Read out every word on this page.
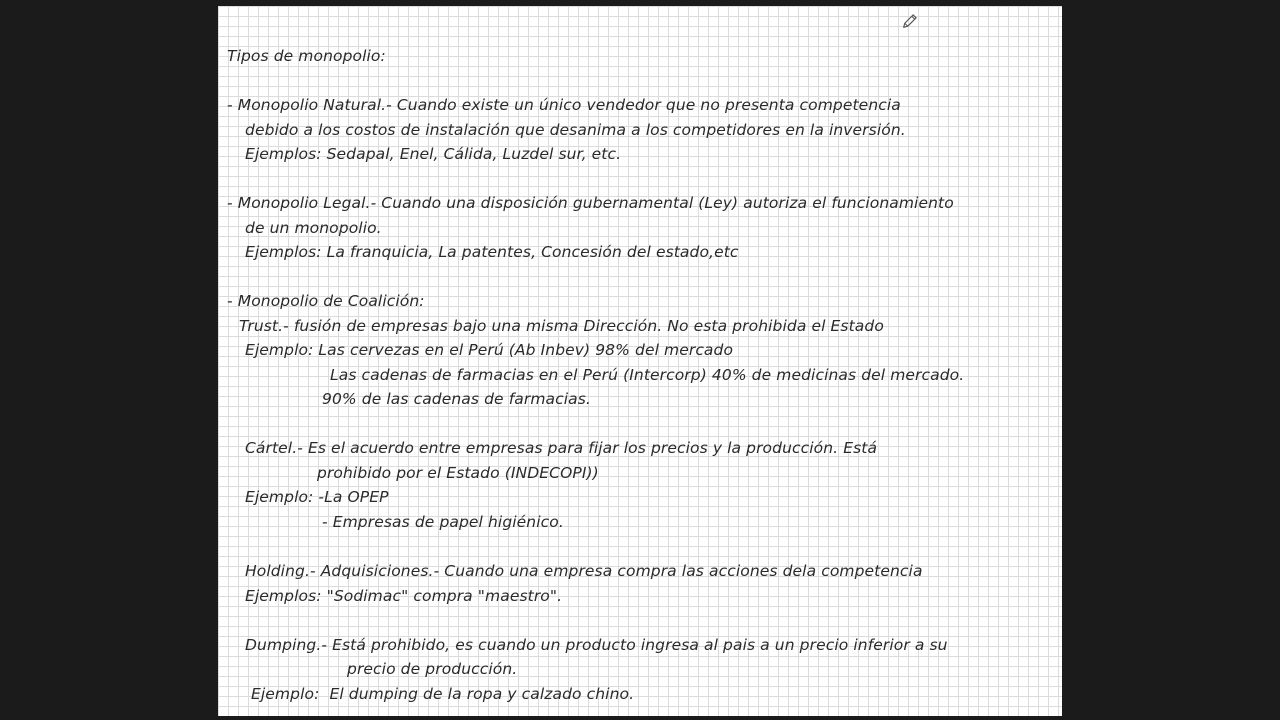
Tipos de monopolio:
- Monopolio Natural.- Cuando existe un único vendedor que no presenta competencia
debido a los costos de instalación que desanima a los competidores en la inversión.
Ejemplos: Sedapal, Enel, Cálida, Luzdel sur, etc.
- Monopolio Legal.- Cuando una disposición gubernamental (Ley) autoriza el funcionamiento
de un monopolio.
Ejemplos: La franquicia, La patentes, Concesión del estado,etc
- Monopolio de Coalición:
Trust.- fusión de empresas bajo una misma Dirección. No esta prohibida el Estado
Ejemplo: Las cervezas en el Perú (Ab Inbev) 98% del mercado
Las cadenas de farmacias en el Perú (Intercorp) 40% de medicinas del mercado.
90% de las cadenas de farmacias.
Cártel.- Es el acuerdo entre empresas para fijar los precios y la producción. Está
prohibido por el Estado (INDECOPI))
Ejemplo: -La OPEP
- Empresas de papel higiénico.
Holding.- Adquisiciones.- Cuando una empresa compra las acciones dela competencia
Ejemplos: "Sodimac" compra "maestro".
Dumping.- Está prohibido, es cuando un producto ingresa al pais a un precio inferior a su
precio de producción.
Ejemplo:  El dumping de la ropa y calzado chino.
